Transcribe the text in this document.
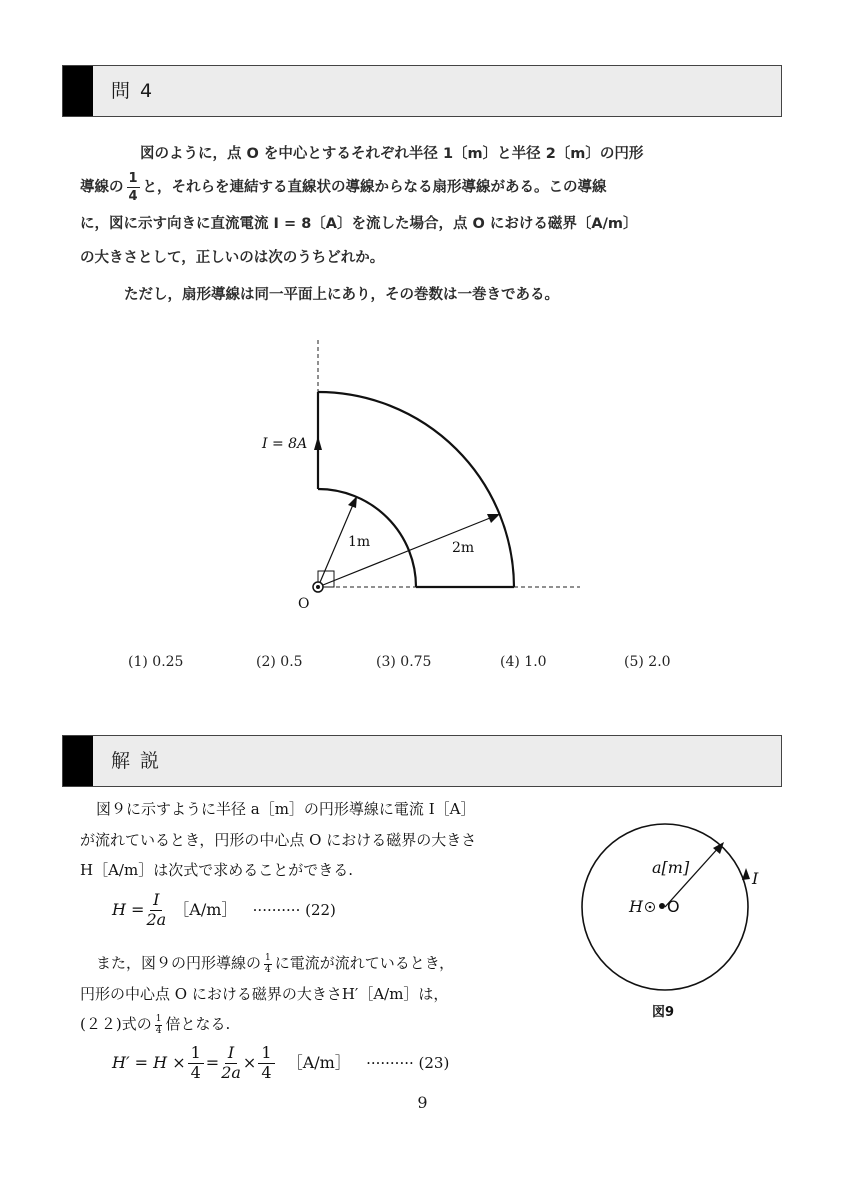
問 4
図のように，点 O を中心とするそれぞれ半径 1〔m〕と半径 2〔m〕の円形
導線の $\frac{1}{4}$ と，それらを連結する直線状の導線からなる扇形導線がある。この導線
に，図に示す向きに直流電流 I = 8〔A〕を流した場合，点 O における磁界〔A/m〕
の大きさとして，正しいのは次のうちどれか。
ただし，扇形導線は同一平面上にあり，その巻数は一巻きである。
I = 8A
1m	2m
O
(1) 0.25	(2) 0.5	(3) 0.75	(4) 1.0	(5) 2.0
解 説
図９に示すように半径 a［m］の円形導線に電流 I［A］
が流れているとき，円形の中心点 O における磁界の大きさ
H［A/m］は次式で求めることができる.
$H = \frac{I}{2a}$ ［A/m］ ·········· (22)
また，図９の円形導線の $\frac{1}{4}$ に電流が流れているとき，
円形の中心点 O における磁界の大きさH′［A/m］は，
(２２)式の $\frac{1}{4}$ 倍となる.
$H' = H \times \frac{1}{4} = \frac{I}{2a} \times \frac{1}{4}$ ［A/m］ ·········· (23)
a[m]
I
H O
図9
9
